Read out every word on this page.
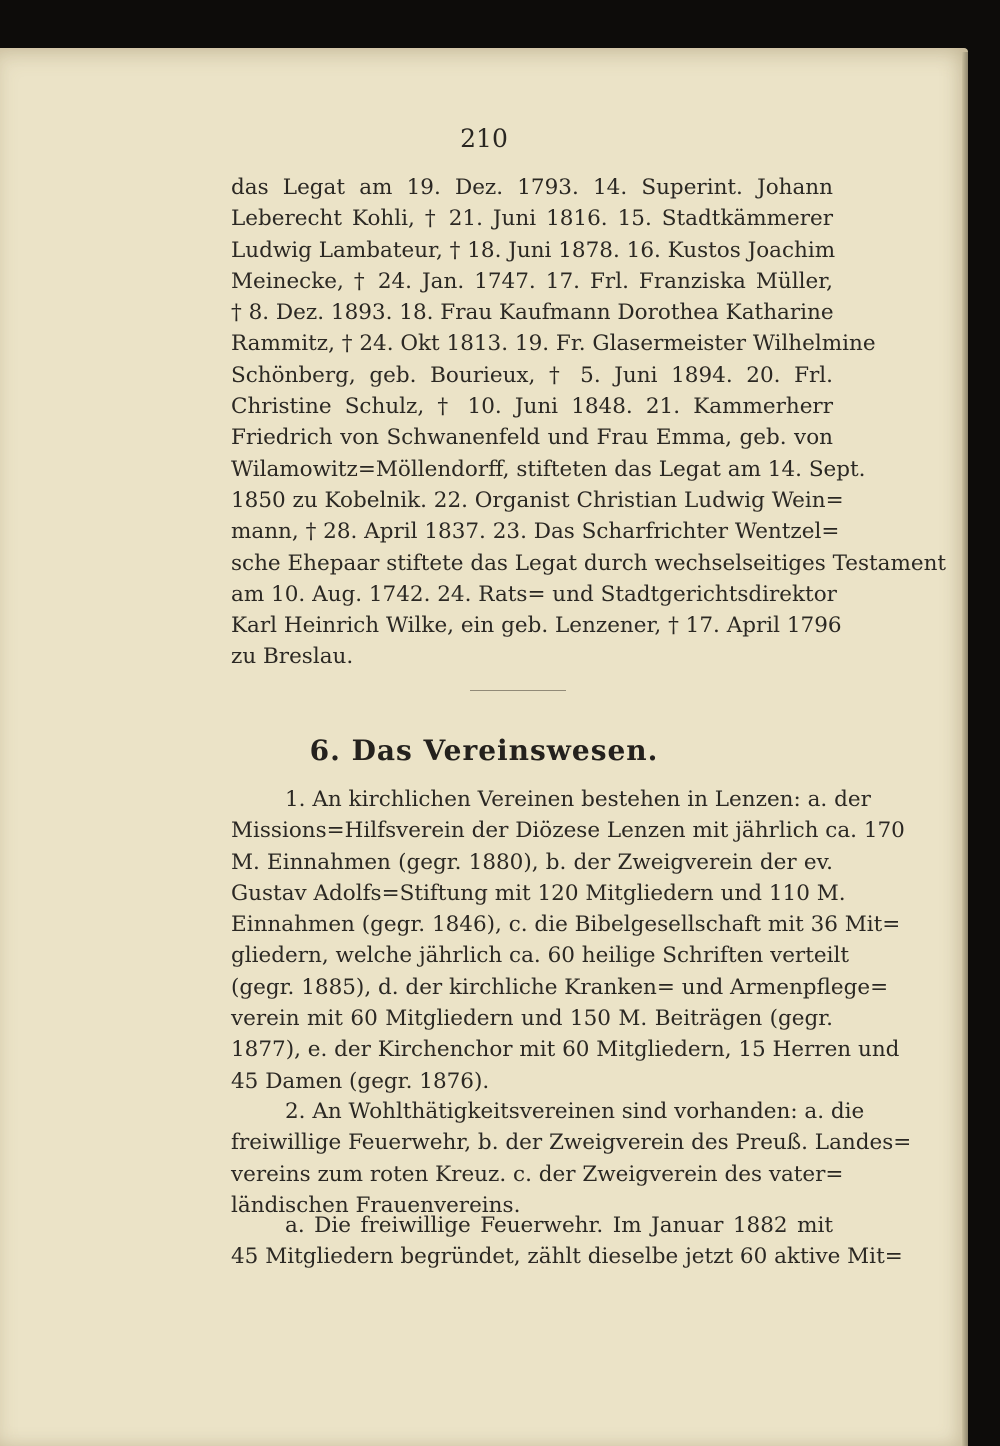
210
das Legat am 19. Dez. 1793. 14. Superint. Johann
Leberecht Kohli, † 21. Juni 1816. 15. Stadtkämmerer
Ludwig Lambateur, † 18. Juni 1878. 16. Kustos Joachim
Meinecke, † 24. Jan. 1747. 17. Frl. Franziska Müller,
† 8. Dez. 1893. 18. Frau Kaufmann Dorothea Katharine
Rammitz, † 24. Okt 1813. 19. Fr. Glasermeister Wilhelmine
Schönberg, geb. Bourieux, † 5. Juni 1894. 20. Frl.
Christine Schulz, † 10. Juni 1848. 21. Kammerherr
Friedrich von Schwanenfeld und Frau Emma, geb. von
Wilamowitz=Möllendorff, stifteten das Legat am 14. Sept.
1850 zu Kobelnik. 22. Organist Christian Ludwig Wein=
mann, † 28. April 1837. 23. Das Scharfrichter Wentzel=
sche Ehepaar stiftete das Legat durch wechselseitiges Testament
am 10. Aug. 1742. 24. Rats= und Stadtgerichtsdirektor
Karl Heinrich Wilke, ein geb. Lenzener, † 17. April 1796
zu Breslau.
6. Das Vereinswesen.
1. An kirchlichen Vereinen bestehen in Lenzen: a. der
Missions=Hilfsverein der Diözese Lenzen mit jährlich ca. 170
M. Einnahmen (gegr. 1880), b. der Zweigverein der ev.
Gustav Adolfs=Stiftung mit 120 Mitgliedern und 110 M.
Einnahmen (gegr. 1846), c. die Bibelgesellschaft mit 36 Mit=
gliedern, welche jährlich ca. 60 heilige Schriften verteilt
(gegr. 1885), d. der kirchliche Kranken= und Armenpflege=
verein mit 60 Mitgliedern und 150 M. Beiträgen (gegr.
1877), e. der Kirchenchor mit 60 Mitgliedern, 15 Herren und
45 Damen (gegr. 1876).
2. An Wohlthätigkeitsvereinen sind vorhanden: a. die
freiwillige Feuerwehr, b. der Zweigverein des Preuß. Landes=
vereins zum roten Kreuz. c. der Zweigverein des vater=
ländischen Frauenvereins.
a. Die freiwillige Feuerwehr. Im Januar 1882 mit
45 Mitgliedern begründet, zählt dieselbe jetzt 60 aktive Mit=
